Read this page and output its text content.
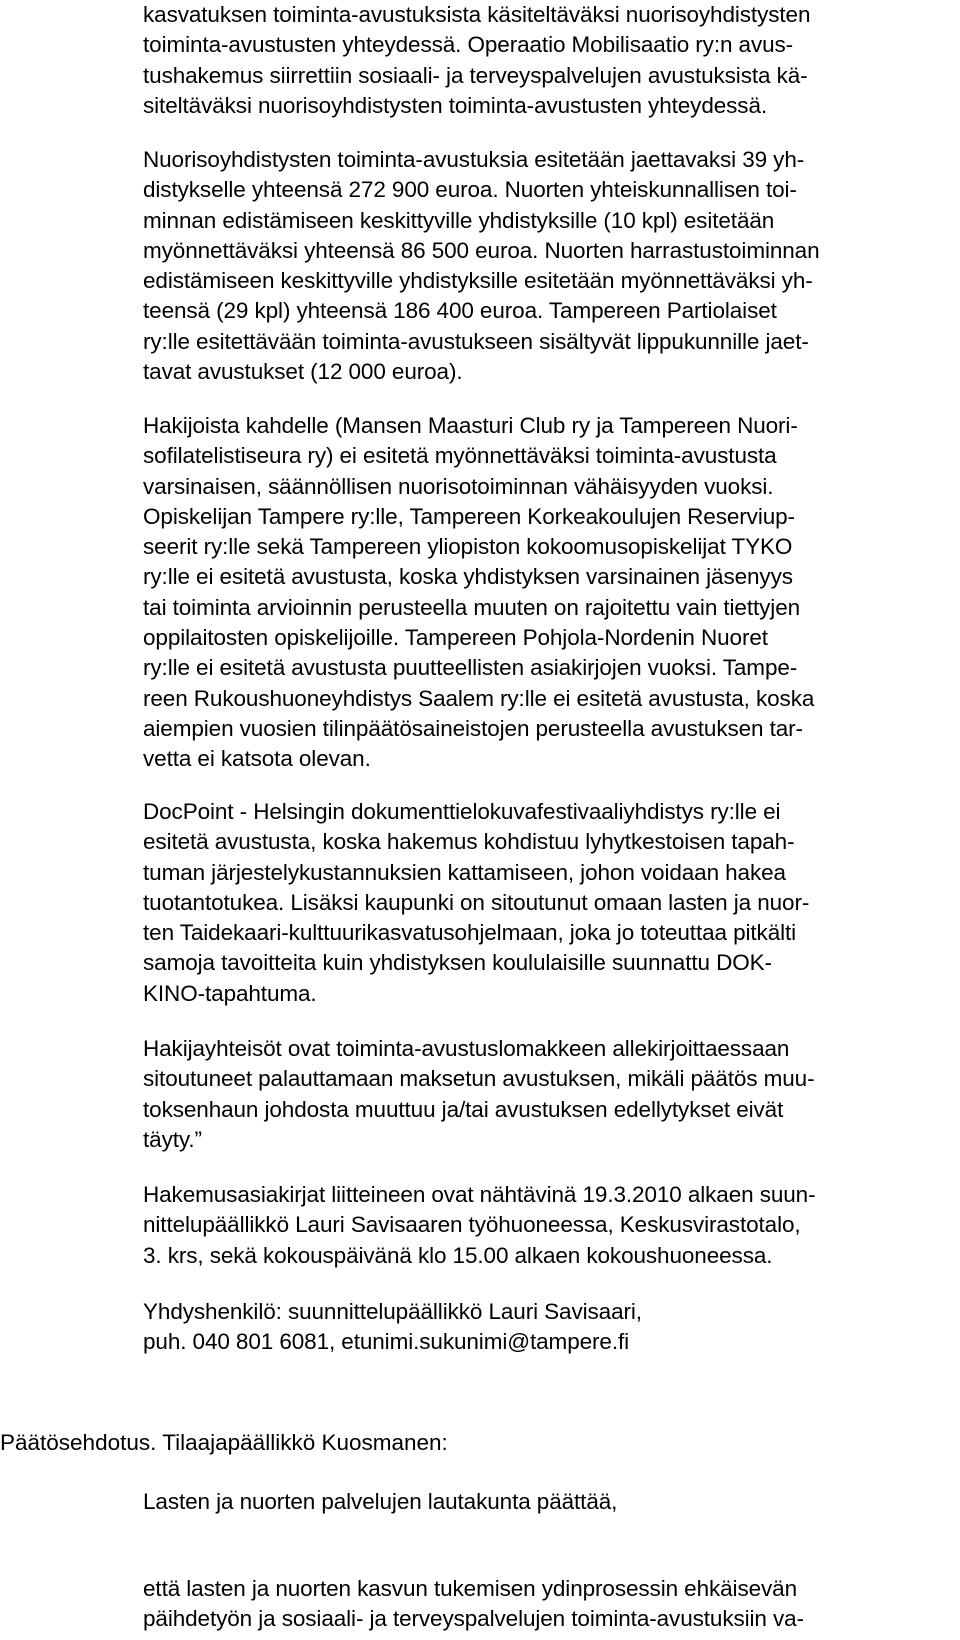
kasvatuksen toiminta-avustuksista käsiteltäväksi nuorisoyhdistysten
toiminta-avustusten yhteydessä. Operaatio Mobilisaatio ry:n avus-
tushakemus siirrettiin sosiaali- ja terveyspalvelujen avustuksista kä-
siteltäväksi nuorisoyhdistysten toiminta-avustusten yhteydessä.
Nuorisoyhdistysten toiminta-avustuksia esitetään jaettavaksi 39 yh-
distykselle yhteensä 272 900 euroa. Nuorten yhteiskunnallisen toi-
minnan edistämiseen keskittyville yhdistyksille (10 kpl) esitetään
myönnettäväksi yhteensä 86 500 euroa. Nuorten harrastustoiminnan
edistämiseen keskittyville yhdistyksille esitetään myönnettäväksi yh-
teensä (29 kpl) yhteensä 186 400 euroa. Tampereen Partiolaiset
ry:lle esitettävään toiminta-avustukseen sisältyvät lippukunnille jaet-
tavat avustukset (12 000 euroa).
Hakijoista kahdelle (Mansen Maasturi Club ry ja Tampereen Nuori-
sofilatelistiseura ry) ei esitetä myönnettäväksi toiminta-avustusta
varsinaisen, säännöllisen nuorisotoiminnan vähäisyyden vuoksi.
Opiskelijan Tampere ry:lle, Tampereen Korkeakoulujen Reserviup-
seerit ry:lle sekä Tampereen yliopiston kokoomusopiskelijat TYKO
ry:lle ei esitetä avustusta, koska yhdistyksen varsinainen jäsenyys
tai toiminta arvioinnin perusteella muuten on rajoitettu vain tiettyjen
oppilaitosten opiskelijoille. Tampereen Pohjola-Nordenin Nuoret
ry:lle ei esitetä avustusta puutteellisten asiakirjojen vuoksi. Tampe-
reen Rukoushuoneyhdistys Saalem ry:lle ei esitetä avustusta, koska
aiempien vuosien tilinpäätösaineistojen perusteella avustuksen tar-
vetta ei katsota olevan.
DocPoint - Helsingin dokumenttielokuvafestivaaliyhdistys ry:lle ei
esitetä avustusta, koska hakemus kohdistuu lyhytkestoisen tapah-
tuman järjestelykustannuksien kattamiseen, johon voidaan hakea
tuotantotukea. Lisäksi kaupunki on sitoutunut omaan lasten ja nuor-
ten Taidekaari-kulttuurikasvatusohjelmaan, joka jo toteuttaa pitkälti
samoja tavoitteita kuin yhdistyksen koululaisille suunnattu DOK-
KINO-tapahtuma.
Hakijayhteisöt ovat toiminta-avustuslomakkeen allekirjoittaessaan
sitoutuneet palauttamaan maksetun avustuksen, mikäli päätös muu-
toksenhaun johdosta muuttuu ja/tai avustuksen edellytykset eivät
täyty.”
Hakemusasiakirjat liitteineen ovat nähtävinä 19.3.2010 alkaen suun-
nittelupäällikkö Lauri Savisaaren työhuoneessa, Keskusvirastotalo,
3. krs, sekä kokouspäivänä klo 15.00 alkaen kokoushuoneessa.
Yhdyshenkilö: suunnittelupäällikkö Lauri Savisaari,
puh. 040 801 6081, etunimi.sukunimi@tampere.fi

Päätösehdotus. Tilaajapäällikkö Kuosmanen:

Lasten ja nuorten palvelujen lautakunta päättää,
että lasten ja nuorten kasvun tukemisen ydinprosessin ehkäisevän
päihdetyön ja sosiaali- ja terveyspalvelujen toiminta-avustuksiin va-
